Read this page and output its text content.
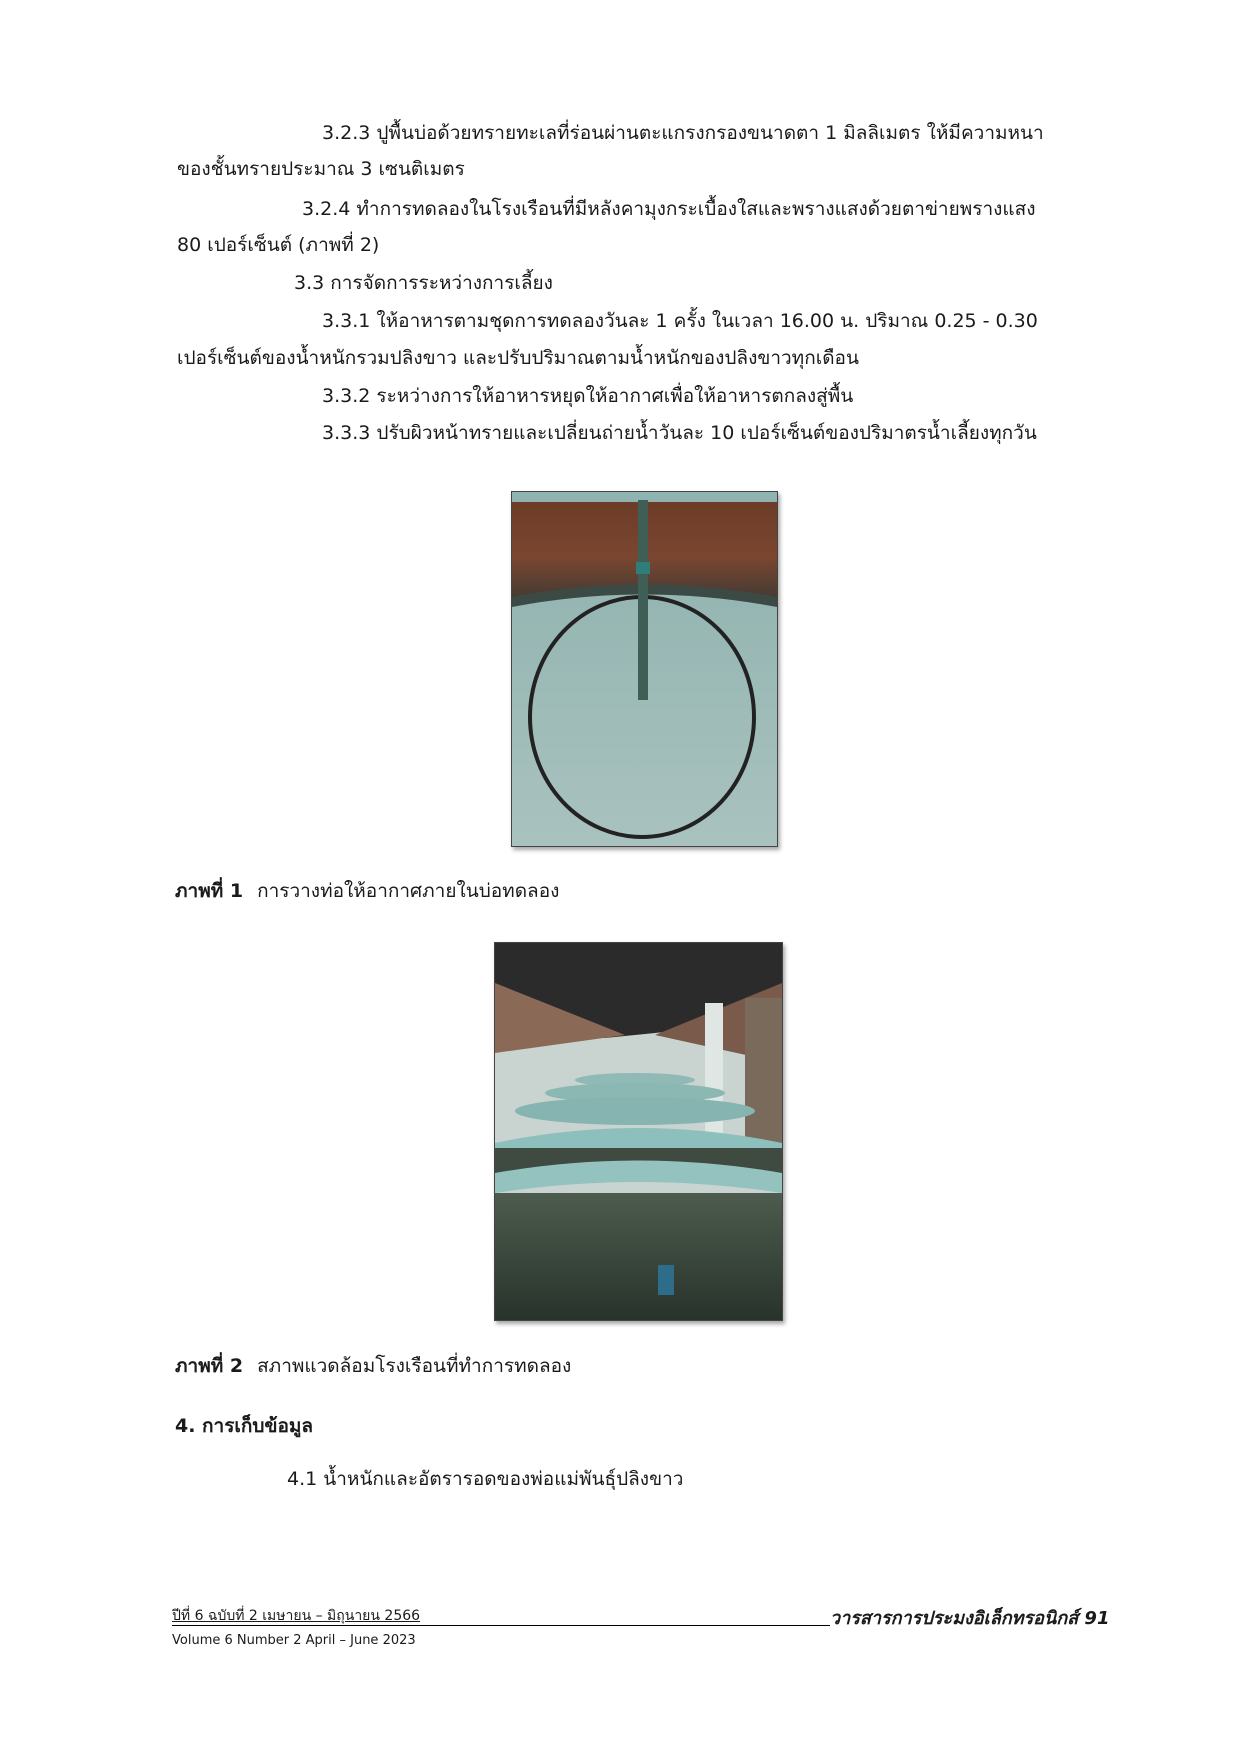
3.2.3 ปูพื้นบ่อด้วยทรายทะเลที่ร่อนผ่านตะแกรงกรองขนาดตา 1 มิลลิเมตร ให้มีความหนา
ของชั้นทรายประมาณ 3 เซนติเมตร
3.2.4 ทำการทดลองในโรงเรือนที่มีหลังคามุงกระเบื้องใสและพรางแสงด้วยตาข่ายพรางแสง
80 เปอร์เซ็นต์ (ภาพที่ 2)
3.3 การจัดการระหว่างการเลี้ยง
3.3.1 ให้อาหารตามชุดการทดลองวันละ 1 ครั้ง ในเวลา 16.00 น. ปริมาณ 0.25 - 0.30
เปอร์เซ็นต์ของน้ำหนักรวมปลิงขาว และปรับปริมาณตามน้ำหนักของปลิงขาวทุกเดือน
3.3.2 ระหว่างการให้อาหารหยุดให้อากาศเพื่อให้อาหารตกลงสู่พื้น
3.3.3 ปรับผิวหน้าทรายและเปลี่ยนถ่ายน้ำวันละ 10 เปอร์เซ็นต์ของปริมาตรน้ำเลี้ยงทุกวัน
ภาพที่ 1 การวางท่อให้อากาศภายในบ่อทดลอง
ภาพที่ 2 สภาพแวดล้อมโรงเรือนที่ทำการทดลอง
4. การเก็บข้อมูล
4.1 น้ำหนักและอัตรารอดของพ่อแม่พันธุ์ปลิงขาว
ปีที่ 6 ฉบับที่ 2 เมษายน – มิถุนายน 2566	วารสารการประมงอิเล็กทรอนิกส์ 91
Volume 6 Number 2 April – June 2023
